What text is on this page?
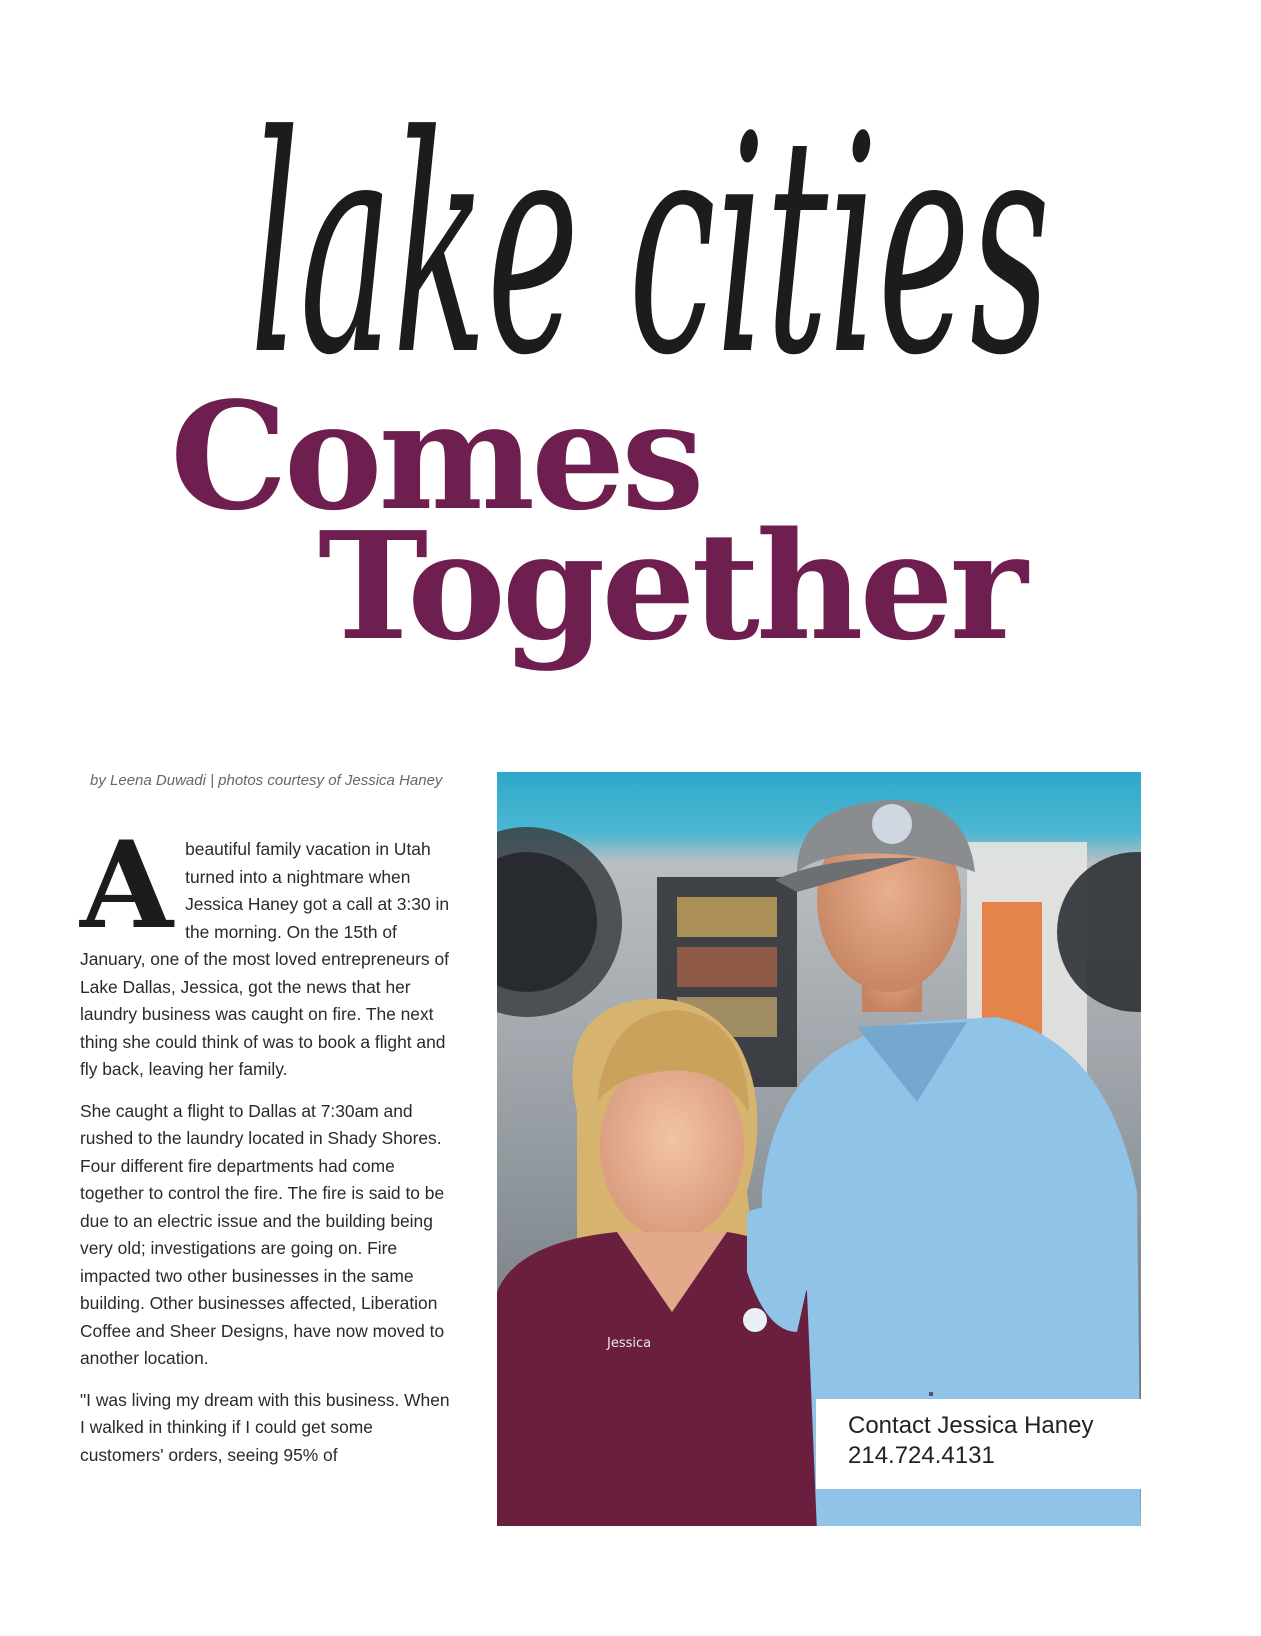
lake cities
Comes
Together
by Leena Duwadi | photos courtesy of Jessica Haney

A beautiful family vacation in Utah turned into a nightmare when Jessica Haney got a call at 3:30 in the morning. On the 15th of January, one of the most loved entrepreneurs of Lake Dallas, Jessica, got the news that her laundry business was caught on fire. The next thing she could think of was to book a flight and fly back, leaving her family.

She caught a flight to Dallas at 7:30am and rushed to the laundry located in Shady Shores. Four different fire departments had come together to control the fire. The fire is said to be due to an electric issue and the building being very old; investigations are going on. Fire impacted two other businesses in the same building. Other businesses affected, Liberation Coffee and Sheer Designs, have now moved to another location.

"I was living my dream with this business. When I walked in thinking if I could get some customers' orders, seeing 95% of

Jessica
Contact Jessica Haney
214.724.4131
